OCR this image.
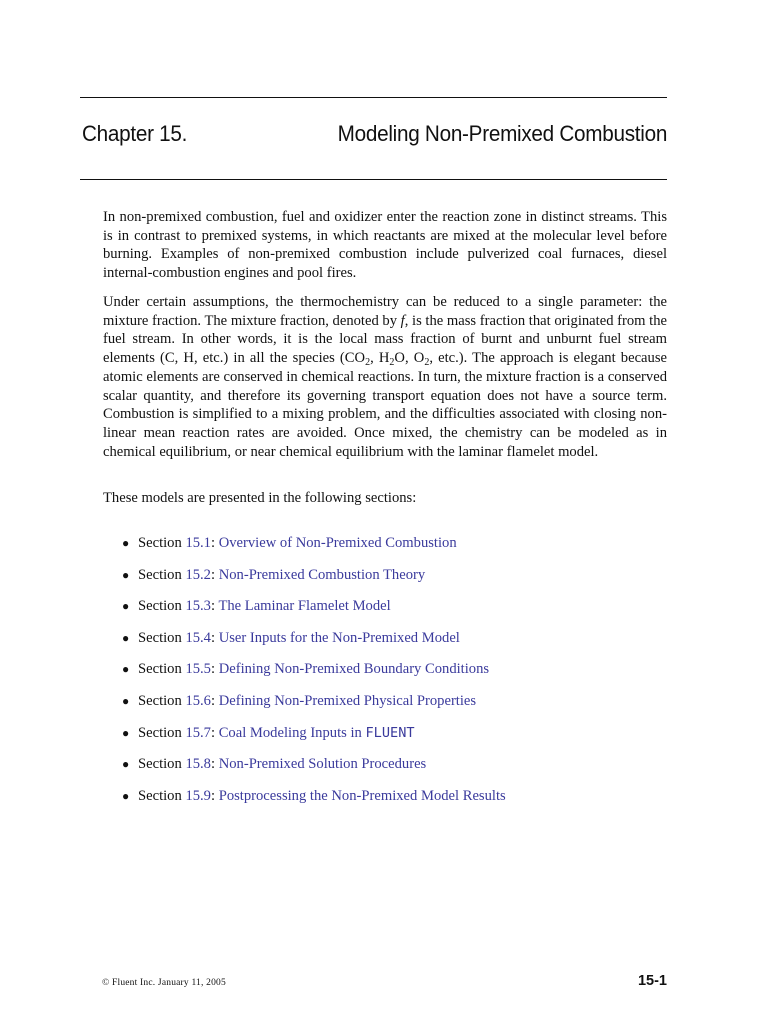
Chapter 15.	Modeling Non-Premixed Combustion

In non-premixed combustion, fuel and oxidizer enter the reaction zone in distinct streams. This is in contrast to premixed systems, in which reactants are mixed at the molecular level before burning. Examples of non-premixed combustion include pulverized coal furnaces, diesel internal-combustion engines and pool fires.

Under certain assumptions, the thermochemistry can be reduced to a single parameter: the mixture fraction. The mixture fraction, denoted by f, is the mass fraction that originated from the fuel stream. In other words, it is the local mass fraction of burnt and unburnt fuel stream elements (C, H, etc.) in all the species ($CO_2$, $H_2O$, $O_2$, etc.). The approach is elegant because atomic elements are conserved in chemical reactions. In turn, the mixture fraction is a conserved scalar quantity, and therefore its governing transport equation does not have a source term. Combustion is simplified to a mixing problem, and the difficulties associated with closing non-linear mean reaction rates are avoided. Once mixed, the chemistry can be modeled as in chemical equilibrium, or near chemical equilibrium with the laminar flamelet model.

These models are presented in the following sections:

● Section 15.1: Overview of Non-Premixed Combustion
● Section 15.2: Non-Premixed Combustion Theory
● Section 15.3: The Laminar Flamelet Model
● Section 15.4: User Inputs for the Non-Premixed Model
● Section 15.5: Defining Non-Premixed Boundary Conditions
● Section 15.6: Defining Non-Premixed Physical Properties
● Section 15.7: Coal Modeling Inputs in FLUENT
● Section 15.8: Non-Premixed Solution Procedures
● Section 15.9: Postprocessing the Non-Premixed Model Results
© Fluent Inc. January 11, 2005	15-1
